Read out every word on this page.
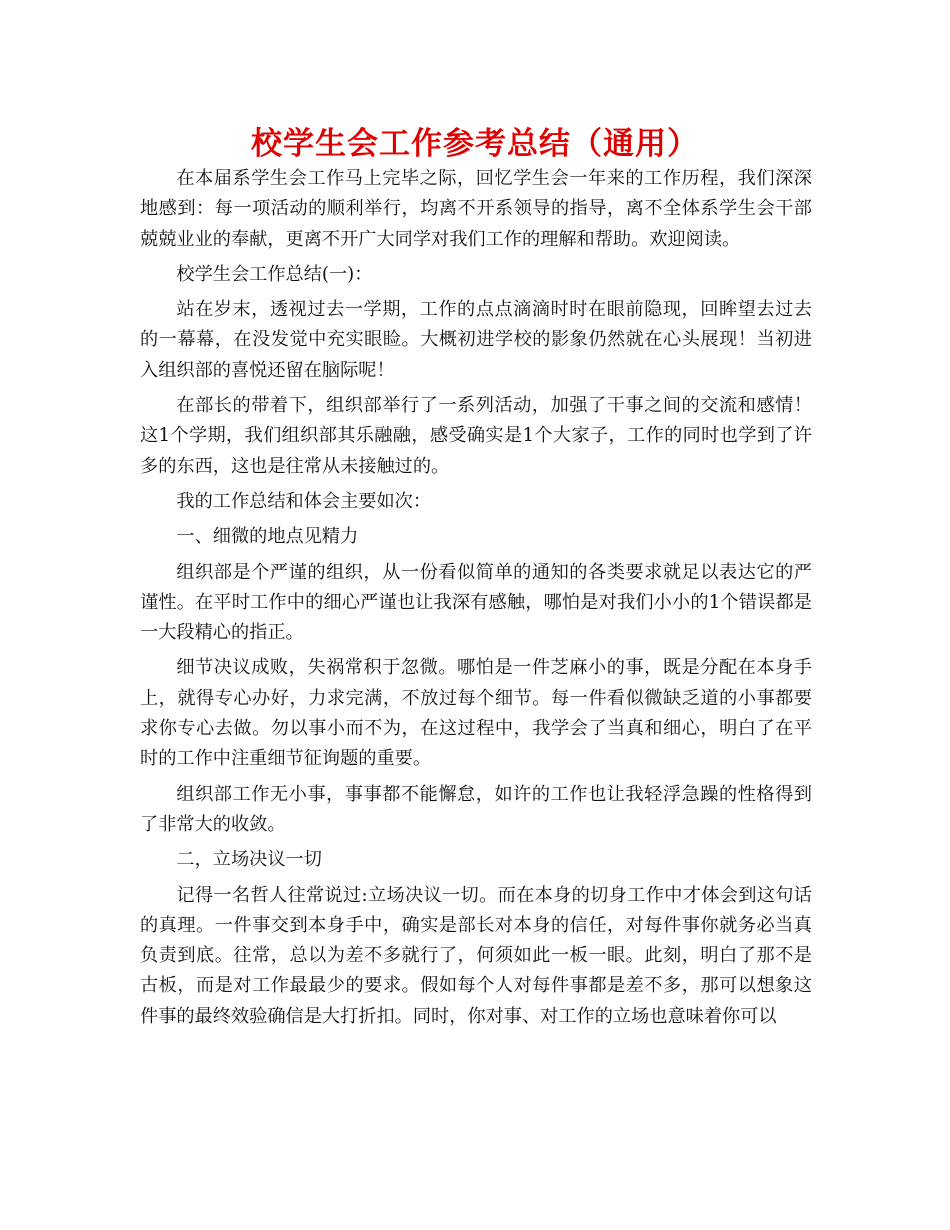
校学生会工作参考总结（通用）

在本届系学生会工作马上完毕之际，回忆学生会一年来的工作历程，我们深深地感到：每一项活动的顺利举行，均离不开系领导的指导，离不全体系学生会干部兢兢业业的奉献，更离不开广大同学对我们工作的理解和帮助。欢迎阅读。

校学生会工作总结(一)：

站在岁末，透视过去一学期，工作的点点滴滴时时在眼前隐现，回眸望去过去的一幕幕，在没发觉中充实眼睑。大概初进学校的影象仍然就在心头展现！当初进入组织部的喜悦还留在脑际呢！

在部长的带着下，组织部举行了一系列活动，加强了干事之间的交流和感情！这1个学期，我们组织部其乐融融，感受确实是1个大家子，工作的同时也学到了许多的东西，这也是往常从未接触过的。

我的工作总结和体会主要如次：

一、细微的地点见精力

组织部是个严谨的组织，从一份看似简单的通知的各类要求就足以表达它的严谨性。在平时工作中的细心严谨也让我深有感触，哪怕是对我们小小的1个错误都是一大段精心的指正。

细节决议成败，失祸常积于忽微。哪怕是一件芝麻小的事，既是分配在本身手上，就得专心办好，力求完满，不放过每个细节。每一件看似微缺乏道的小事都要求你专心去做。勿以事小而不为，在这过程中，我学会了当真和细心，明白了在平时的工作中注重细节征询题的重要。

组织部工作无小事，事事都不能懈怠，如许的工作也让我轻浮急躁的性格得到了非常大的收敛。

二，立场决议一切

记得一名哲人往常说过:立场决议一切。而在本身的切身工作中才体会到这句话的真理。一件事交到本身手中，确实是部长对本身的信任，对每件事你就务必当真负责到底。往常，总以为差不多就行了，何须如此一板一眼。此刻，明白了那不是古板，而是对工作最最少的要求。假如每个人对每件事都是差不多，那可以想象这件事的最终效验确信是大打折扣。同时，你对事、对工作的立场也意味着你可以
